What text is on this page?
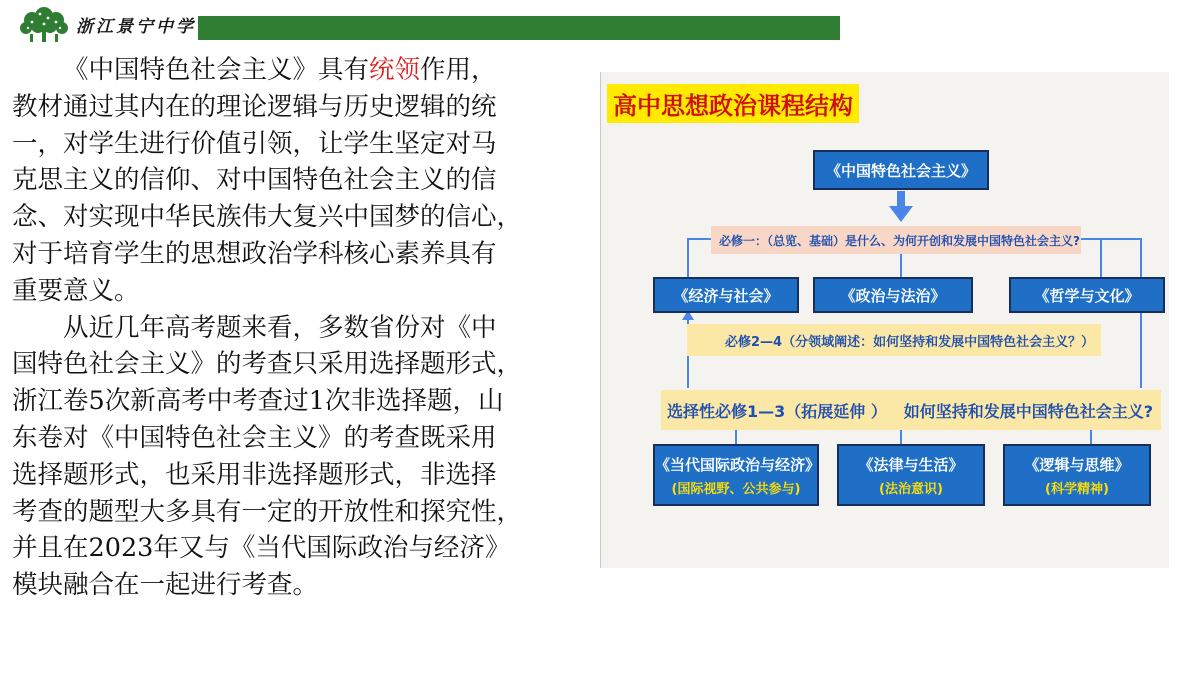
浙江景宁中学

《中国特色社会主义》具有统领作用，
教材通过其内在的理论逻辑与历史逻辑的统
一，对学生进行价值引领，让学生坚定对马
克思主义的信仰、对中国特色社会主义的信
念、对实现中华民族伟大复兴中国梦的信心，
对于培育学生的思想政治学科核心素养具有
重要意义。

从近几年高考题来看，多数省份对《中
国特色社会主义》的考查只采用选择题形式，
浙江卷5次新高考中考查过1次非选择题，山
东卷对《中国特色社会主义》的考查既采用
选择题形式，也采用非选择题形式，非选择
考查的题型大多具有一定的开放性和探究性，
并且在2023年又与《当代国际政治与经济》
模块融合在一起进行考查。

高中思想政治课程结构
《中国特色社会主义》
必修一：（总览、基础）是什么、为何开创和发展中国特色社会主义?
《经济与社会》	《政治与法治》	《哲学与文化》
必修2—4（分领域阐述：如何坚持和发展中国特色社会主义？）
选择性必修1—3（拓展延伸 ） 如何坚持和发展中国特色社会主义?
《当代国际政治与经济》
(国际视野、公共参与)
《法律与生活》
(法治意识)
《逻辑与思维》
(科学精神)
